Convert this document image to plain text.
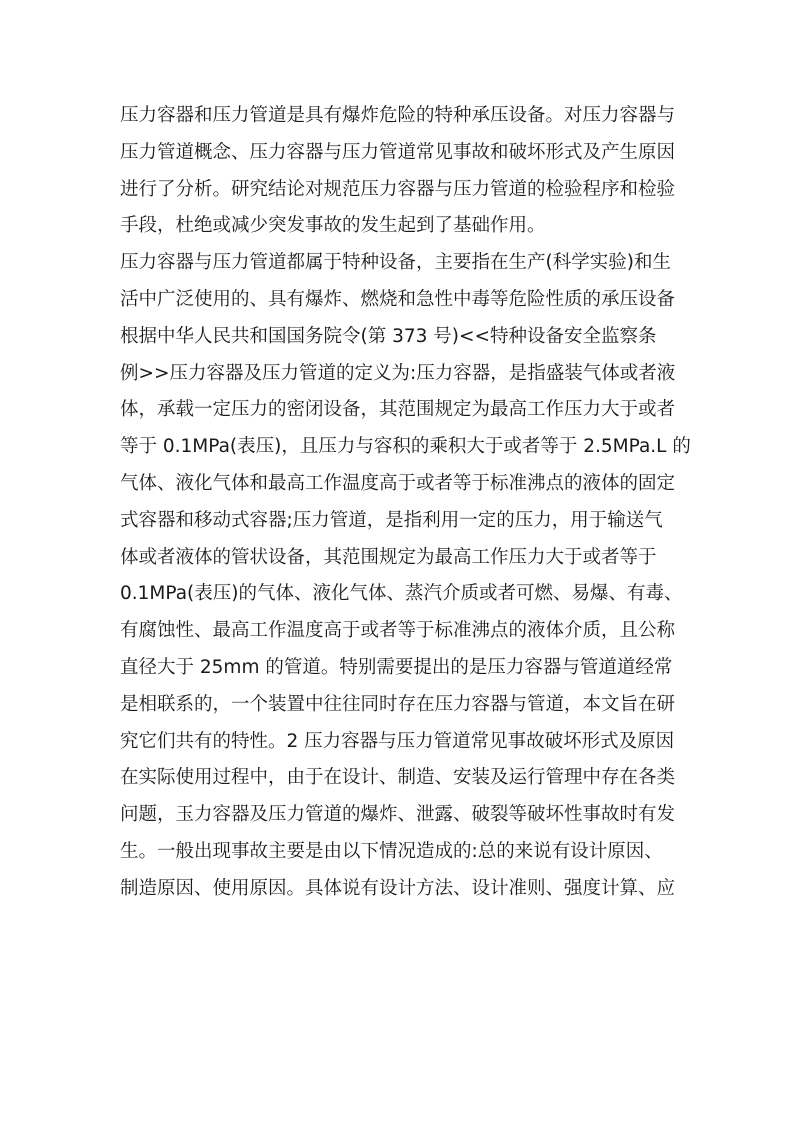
压力容器和压力管道是具有爆炸危险的特种承压设备。对压力容器与
压力管道概念、压力容器与压力管道常见事故和破坏形式及产生原因
进行了分析。研究结论对规范压力容器与压力管道的检验程序和检验
手段，杜绝或减少突发事故的发生起到了基础作用。
压力容器与压力管道都属于特种设备，主要指在生产(科学实验)和生
活中广泛使用的、具有爆炸、燃烧和急性中毒等危险性质的承压设备
根据中华人民共和国国务院令(第 373 号)<<特种设备安全监察条
例>>压力容器及压力管道的定义为:压力容器，是指盛装气体或者液
体，承载一定压力的密闭设备，其范围规定为最高工作压力大于或者
等于 0.1MPa(表压)，且压力与容积的乘积大于或者等于 2.5MPa.L 的
气体、液化气体和最高工作温度高于或者等于标准沸点的液体的固定
式容器和移动式容器;压力管道，是指利用一定的压力，用于输送气
体或者液体的管状设备，其范围规定为最高工作压力大于或者等于
0.1MPa(表压)的气体、液化气体、蒸汽介质或者可燃、易爆、有毒、
有腐蚀性、最高工作温度高于或者等于标准沸点的液体介质，且公称
直径大于 25mm 的管道。特别需要提出的是压力容器与管道道经常
是相联系的，一个装置中往往同时存在压力容器与管道，本文旨在研
究它们共有的特性。2 压力容器与压力管道常见事故破坏形式及原因
在实际使用过程中，由于在设计、制造、安装及运行管理中存在各类
问题，玉力容器及压力管道的爆炸、泄露、破裂等破坏性事故时有发
生。一般出现事故主要是由以下情况造成的:总的来说有设计原因、
制造原因、使用原因。具体说有设计方法、设计准则、强度计算、应
